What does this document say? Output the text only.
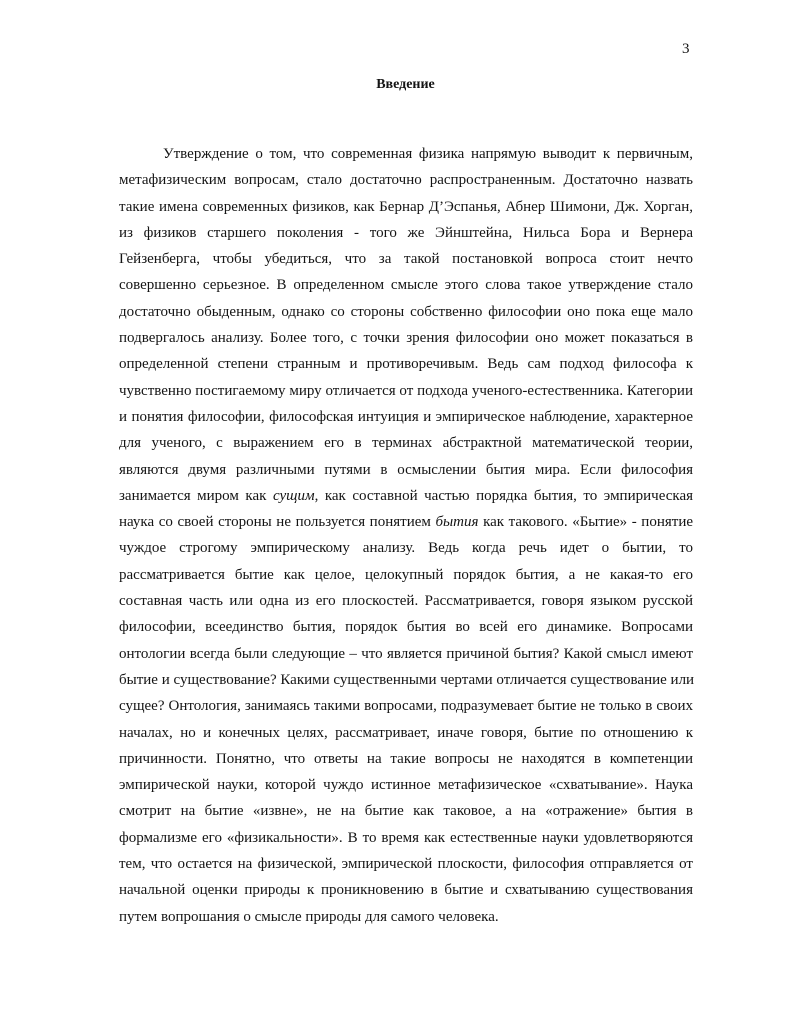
3
Введение

Утверждение о том, что современная физика напрямую выводит к первичным,
метафизическим вопросам, стало достаточно распространенным. Достаточно назвать
такие имена современных физиков, как Бернар Д’Эспанья, Абнер Шимони, Дж. Хорган,
из физиков старшего поколения - того же Эйнштейна, Нильса Бора и Вернера
Гейзенберга, чтобы убедиться, что за такой постановкой вопроса стоит нечто
совершенно серьезное. В определенном смысле этого слова такое утверждение стало
достаточно обыденным, однако со стороны собственно философии оно пока еще мало
подвергалось анализу. Более того, с точки зрения философии оно может показаться в
определенной степени странным и противоречивым. Ведь сам подход философа к
чувственно постигаемому миру отличается от подхода ученого-естественника. Категории
и понятия философии, философская интуиция и эмпирическое наблюдение, характерное
для ученого, с выражением его в терминах абстрактной математической теории,
являются двумя различными путями в осмыслении бытия мира. Если философия
занимается миром как сущим, как составной частью порядка бытия, то эмпирическая
наука со своей стороны не пользуется понятием бытия как такового. «Бытие» - понятие
чуждое строгому эмпирическому анализу. Ведь когда речь идет о бытии, то
рассматривается бытие как целое, целокупный порядок бытия, а не какая-то его
составная часть или одна из его плоскостей. Рассматривается, говоря языком русской
философии, всеединство бытия, порядок бытия во всей его динамике. Вопросами
онтологии всегда были следующие – что является причиной бытия? Какой смысл имеют
бытие и существование? Какими существенными чертами отличается существование или
сущее? Онтология, занимаясь такими вопросами, подразумевает бытие не только в своих
началах, но и конечных целях, рассматривает, иначе говоря, бытие по отношению к
причинности. Понятно, что ответы на такие вопросы не находятся в компетенции
эмпирической науки, которой чуждо истинное метафизическое «схватывание». Наука
смотрит на бытие «извне», не на бытие как таковое, а на «отражение» бытия в
формализме его «физикальности». В то время как естественные науки удовлетворяются
тем, что остается на физической, эмпирической плоскости, философия отправляется от
начальной оценки природы к проникновению в бытие и схватыванию существования
путем вопрошания о смысле природы для самого человека.
